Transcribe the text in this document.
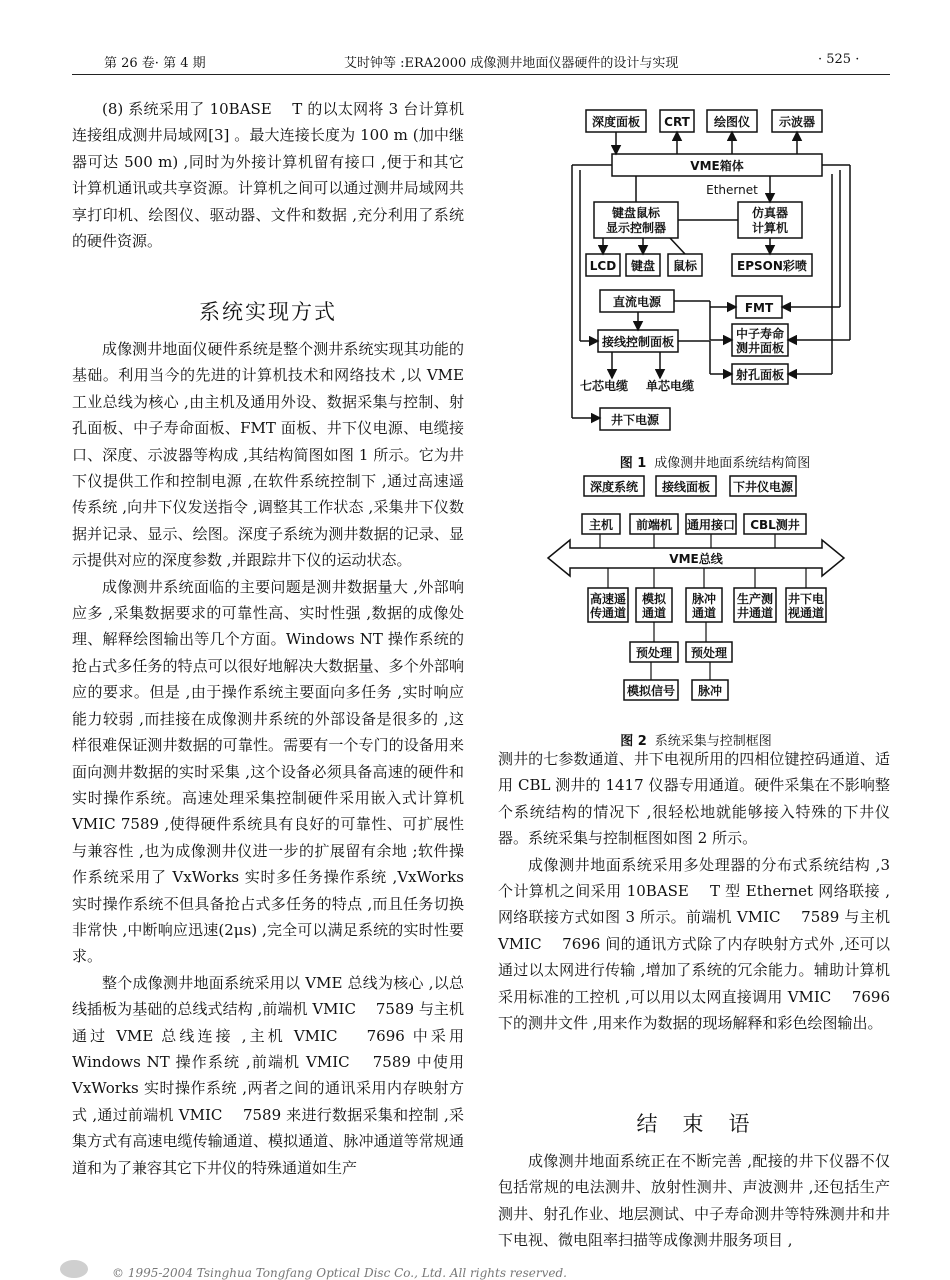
第 26 卷· 第 4 期	艾时钟等 :ERA2000 成像测井地面仪器硬件的设计与实现	· 525 ·

(8) 系统采用了 10BASE　 T 的以太网将 3 台计算机连接组成测井局域网[3] 。最大连接长度为 100 m (加中继器可达 500 m) ,同时为外接计算机留有接口 ,便于和其它计算机通讯或共享资源。计算机之间可以通过测井局域网共享打印机、绘图仪、驱动器、文件和数据 ,充分利用了系统的硬件资源。

系统实现方式

成像测井地面仪硬件系统是整个测井系统实现其功能的基础。利用当今的先进的计算机技术和网络技术 ,以 VME工业总线为核心 ,由主机及通用外设、数据采集与控制、射孔面板、中子寿命面板、FMT 面板、井下仪电源、电缆接口、深度、示波器等构成 ,其结构简图如图 1 所示。它为井下仪提供工作和控制电源 ,在软件系统控制下 ,通过高速遥传系统 ,向井下仪发送指令 ,调整其工作状态 ,采集井下仪数据并记录、显示、绘图。深度子系统为测井数据的记录、显示提供对应的深度参数 ,并跟踪井下仪的运动状态。

成像测井系统面临的主要问题是测井数据量大 ,外部响应多 ,采集数据要求的可靠性高、实时性强 ,数据的成像处理、解释绘图输出等几个方面。Windows NT 操作系统的抢占式多任务的特点可以很好地解决大数据量、多个外部响应的要求。但是 ,由于操作系统主要面向多任务 ,实时响应能力较弱 ,而挂接在成像测井系统的外部设备是很多的 ,这样很难保证测井数据的可靠性。需要有一个专门的设备用来面向测井数据的实时采集 ,这个设备必须具备高速的硬件和实时操作系统。高速处理采集控制硬件采用嵌入式计算机 VMIC 7589 ,使得硬件系统具有良好的可靠性、可扩展性与兼容性 ,也为成像测井仪进一步的扩展留有余地 ;软件操作系统采用了 VxWorks 实时多任务操作系统 ,VxWorks 实时操作系统不但具备抢占式多任务的特点 ,而且任务切换非常快 ,中断响应迅速(2μs) ,完全可以满足系统的实时性要求。

整个成像测井地面系统采用以 VME 总线为核心 ,以总线插板为基础的总线式结构 ,前端机 VMIC　 7589 与主机通过 VME 总线连接 ,主机 VMIC　 7696 中采用 Windows NT 操作系统 ,前端机 VMIC　 7589 中使用 VxWorks 实时操作系统 ,两者之间的通讯采用内存映射方式 ,通过前端机 VMIC　 7589 来进行数据采集和控制 ,采集方式有高速电缆传输通道、模拟通道、脉冲通道等常规通道和为了兼容其它下井仪的特殊通道如生产

深度面板 CRT 绘图仪 示波器
VME箱体
Ethernet
键盘鼠标
显示控制器
仿真器
计算机
LCD 键盘 鼠标	EPSON彩喷
直流电源	FMT
接线控制面板
中子寿命
测井面板
七芯电缆 单芯电缆
射孔面板
井下电源
图 1 成像测井地面系统结构简图
深度系统 接线面板 下井仪电源
主机 前端机 通用接口 CBL测井
VME总线
高速遥
传通道
模拟
通道
脉冲
通道
生产测
井通道
井下电
视通道
预处理 预处理
模拟信号 脉冲
图 2 系统采集与控制框图

测井的七参数通道、井下电视所用的四相位键控码通道、适用 CBL 测井的 1417 仪器专用通道。硬件采集在不影响整个系统结构的情况下 ,很轻松地就能够接入特殊的下井仪器。系统采集与控制框图如图 2 所示。

成像测井地面系统采用多处理器的分布式系统结构 ,3 个计算机之间采用 10BASE　 T 型 Ethernet 网络联接 ,网络联接方式如图 3 所示。前端机 VMIC　 7589 与主机 VMIC　 7696 间的通讯方式除了内存映射方式外 ,还可以通过以太网进行传输 ,增加了系统的冗余能力。辅助计算机采用标准的工控机 ,可以用以太网直接调用 VMIC　 7696 下的测井文件 ,用来作为数据的现场解释和彩色绘图输出。

结　束　语

成像测井地面系统正在不断完善 ,配接的井下仪器不仅包括常规的电法测井、放射性测井、声波测井 ,还包括生产测井、射孔作业、地层测试、中子寿命测井等特殊测井和井下电视、微电阻率扫描等成像测井服务项目 ,

© 1995-2004 Tsinghua Tongfang Optical Disc Co., Ltd. All rights reserved.
